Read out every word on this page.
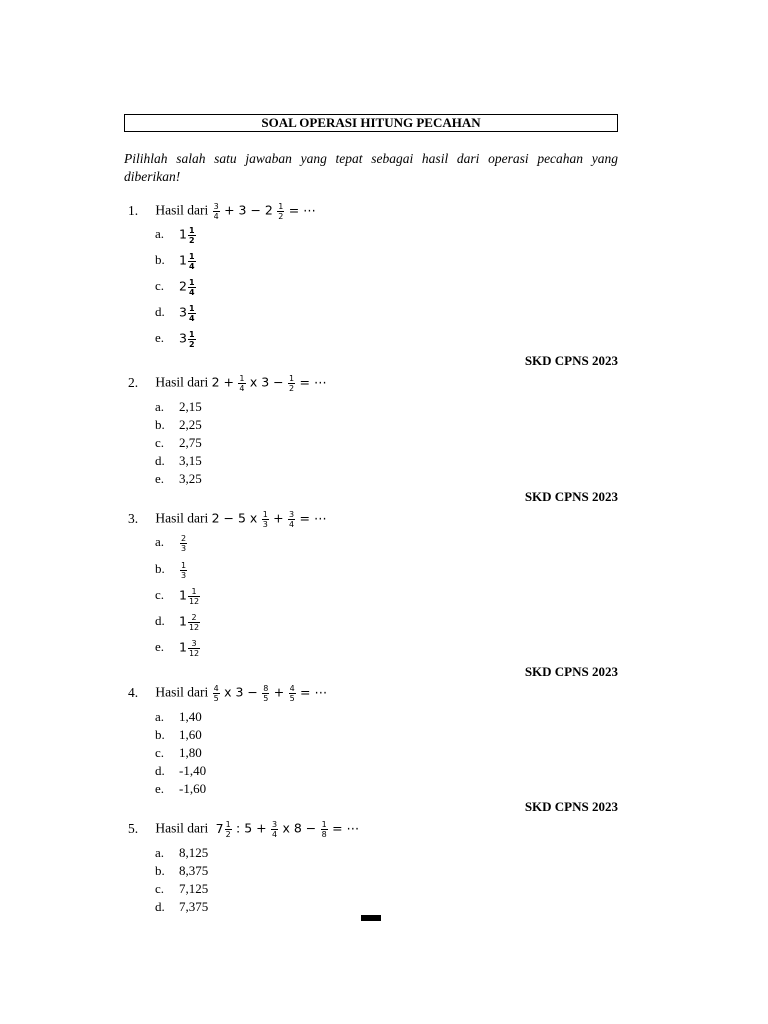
SOAL OPERASI HITUNG PECAHAN
Pilihlah salah satu jawaban yang tepat sebagai hasil dari operasi pecahan yang diberikan!
1. Hasil dari $\frac{3}{4} + 3 - 2 \frac{1}{2}$ = ⋯
a. $1 \frac{1}{2}$
b. $1 \frac{1}{4}$
c. $2 \frac{1}{4}$
d. $3 \frac{1}{4}$
e. $3 \frac{1}{2}$
SKD CPNS 2023
2. Hasil dari $2 + \frac{1}{4}$ x $3 - \frac{1}{2}$ = ⋯
a. 2,15
b. 2,25
c. 2,75
d. 3,15
e. 3,25
SKD CPNS 2023
3. Hasil dari 2 − 5 x $\frac{1}{3} + \frac{3}{4}$ = ⋯
a. $\frac{2}{3}$
b. $\frac{1}{3}$
c. $1 \frac{1}{12}$
d. $1 \frac{2}{12}$
e. $1 \frac{3}{12}$
SKD CPNS 2023
4. Hasil dari $\frac{4}{5}$ x $3 - \frac{8}{5} + \frac{4}{5}$ = ⋯
a. 1,40
b. 1,60
c. 1,80
d. -1,40
e. -1,60
SKD CPNS 2023
5. Hasil dari $7 \frac{1}{2}$ : $5 + \frac{3}{4}$ x $8 - \frac{1}{8}$ = ⋯
a. 8,125
b. 8,375
c. 7,125
d. 7,375
152
